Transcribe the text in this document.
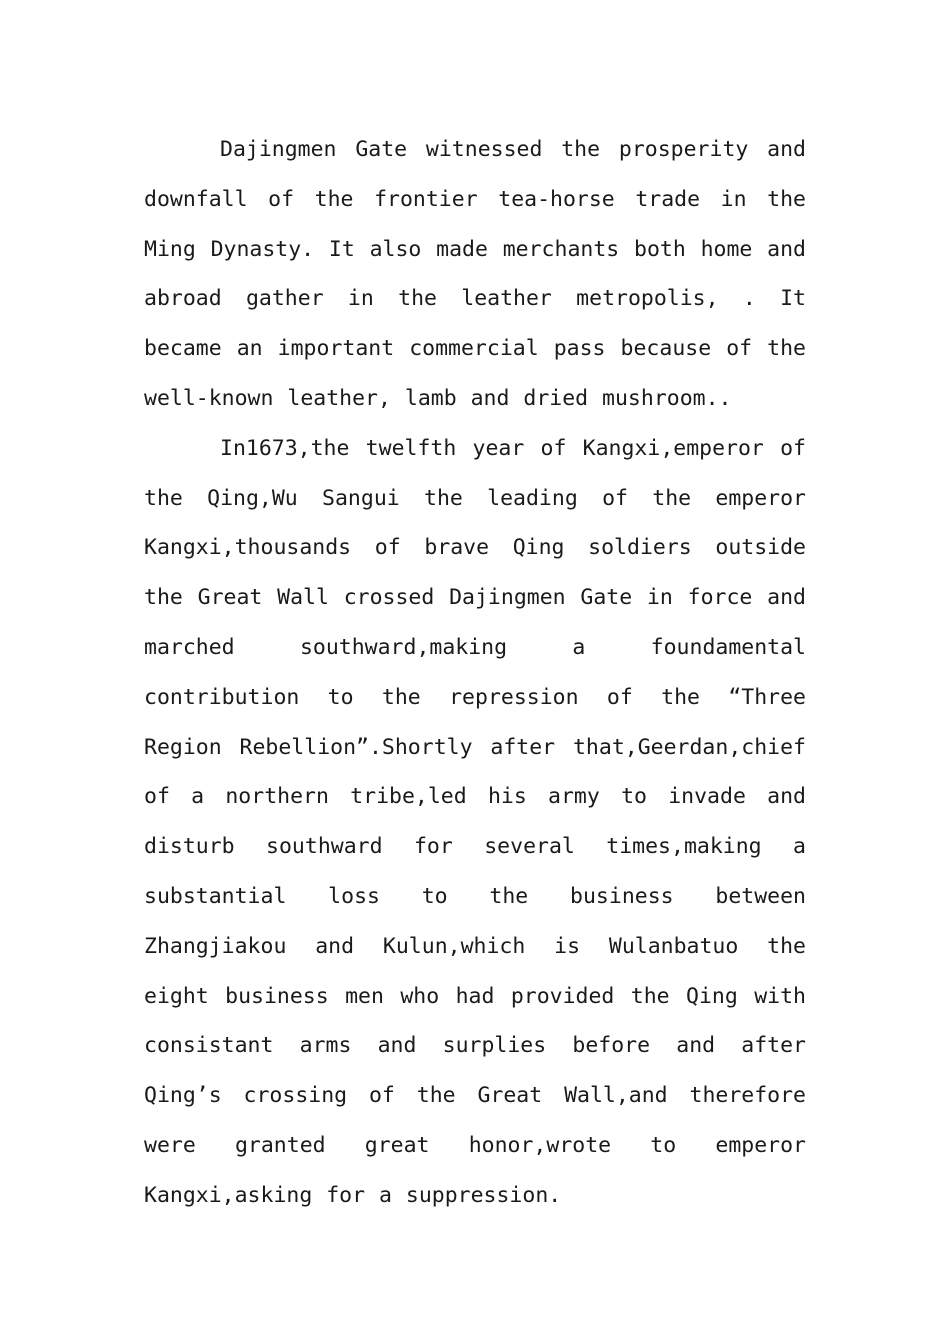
Dajingmen Gate witnessed the prosperity and downfall of the frontier tea-horse trade in the Ming Dynasty. It also made merchants both home and abroad gather in the leather metropolis, . It became an important commercial pass because of the well-known leather, lamb and dried mushroom..

In1673,the twelfth year of Kangxi,emperor of the Qing,Wu Sangui the leading of the emperor Kangxi,thousands of brave Qing soldiers outside the Great Wall crossed Dajingmen Gate in force and marched southward,making a foundamental contribution to the repression of the “Three Region Rebellion”.Shortly after that,Geerdan,chief of a northern tribe,led his army to invade and disturb southward for several times,making a substantial loss to the business between Zhangjiakou and Kulun,which is Wulanbatuo the eight business men who had provided the Qing with consistant arms and surplies before and after Qing’s crossing of the Great Wall,and therefore were granted great honor,wrote to emperor Kangxi,asking for a suppression.
